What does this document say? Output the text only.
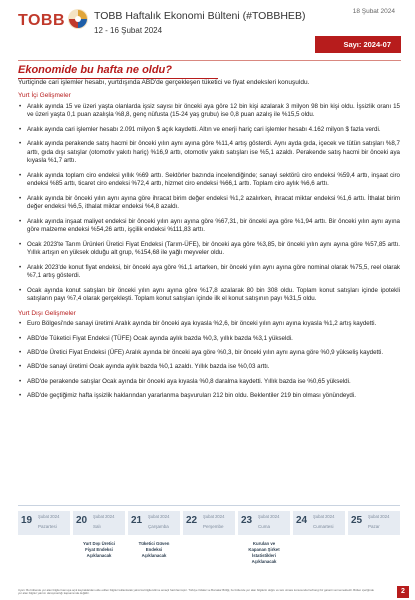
TOBB	TOBB Haftalık Ekonomi Bülteni (#TOBBHEB)
12 - 16 Şubat 2024
18 Şubat 2024
Sayı: 2024-07
Ekonomide bu hafta ne oldu?
Yurtiçinde cari işlemler hesabı, yurtdışında ABD'de gerçekleşen tüketici ve fiyat endeksleri konuşuldu.
Yurt İçi Gelişmeler
• Aralık ayında 15 ve üzeri yaşta olanlarda işsiz sayısı bir önceki aya göre 12 bin kişi azalarak 3 milyon 98 bin kişi oldu. İşsizlik oranı 15 ve üzeri yaşta 0,1 puan azalışla %8,8, genç nüfusta (15-24 yaş grubu) ise 0,8 puan azalış ile %15,5 oldu.
• Aralık ayında cari işlemler hesabı 2.091 milyon $ açık kaydetti. Altın ve enerji hariç cari işlemler hesabı 4.162 milyon $ fazla verdi.
• Aralık ayında perakende satış hacmi bir önceki yılın aynı ayına göre %11,4 artış gösterdi. Aynı ayda gıda, içecek ve tütün satışları %8,7 arttı, gıda dışı satışlar (otomotiv yakıtı hariç) %16,9 arttı, otomotiv yakıtı satışları ise %5,1 azaldı. Perakende satış hacmi bir önceki aya kıyasla %1,7 arttı.
• Aralık ayında toplam ciro endeksi yıllık %69 arttı. Sektörler bazında incelendiğinde; sanayi sektörü ciro endeksi %59,4 arttı, inşaat ciro endeksi %85 arttı, ticaret ciro endeksi %72,4 arttı, hizmet ciro endeksi %66,1 arttı. Toplam ciro aylık %6,6 arttı.
• Aralık ayında bir önceki yılın aynı ayına göre ihracat birim değer endeksi %1,2 azalırken, ihracat miktar endeksi %1,6 arttı. İthalat birim değer endeksi %6,5, ithalat miktar endeksi %4,8 azaldı.
• Aralık ayında inşaat maliyet endeksi bir önceki yılın aynı ayına göre %67,31, bir önceki aya göre %1,94 arttı. Bir önceki yılın aynı ayına göre malzeme endeksi %54,26 arttı, işçilik endeksi %111,83 arttı.
• Ocak 2023'te Tarım Ürünleri Üretici Fiyat Endeksi (Tarım-ÜFE), bir önceki aya göre %3,85, bir önceki yılın aynı ayına göre %57,85 arttı. Yıllık artışın en yüksek olduğu alt grup, %154,68 ile yağlı meyveler oldu.
• Aralık 2023'de konut fiyat endeksi, bir önceki aya göre %1,1 artarken, bir önceki yılın aynı ayına göre nominal olarak %75,5, reel olarak %7,1 artış gösterdi.
• Ocak ayında konut satışları bir önceki yılın aynı ayına göre %17,8 azalarak 80 bin 308 oldu. Toplam konut satışları içinde ipotekli satışların payı %7,4 olarak gerçekleşti. Toplam konut satışları içinde ilk el konut satışının payı %31,5 oldu.
Yurt Dışı Gelişmeler
• Euro Bölgesi'nde sanayi üretimi Aralık ayında bir önceki aya kıyasla %2,6, bir önceki yılın aynı ayına kıyasla %1,2 artış kaydetti.
• ABD'de Tüketici Fiyat Endeksi (TÜFE) Ocak ayında aylık bazda %0,3, yıllık bazda %3,1 yükseldi.
• ABD'de Üretici Fiyat Endeksi (ÜFE) Aralık ayında bir önceki aya göre %0,3, bir önceki yılın aynı ayına göre %0,9 yükseliş kaydetti.
• ABD'de sanayi üretimi Ocak ayında aylık bazda %0,1 azaldı. Yıllık bazda ise %0,03 arttı.
• ABD'de perakende satışlar Ocak ayında bir önceki aya kıyasla %0,8 daralma kaydetti. Yıllık bazda ise %0,65 yükseldi.
• ABD'de geçtiğimiz hafta işsizlik haklarından yararlanma başvuruları 212 bin oldu. Beklentiler 219 bin olması yönündeydi.
19 Şubat 2024
Pazartesi
20 Şubat 2024
Salı
21 Şubat 2024
Çarşamba
22 Şubat 2024
Perşembe
23 Şubat 2024
Cuma
24 Şubat 2024
Cumartesi
25 Şubat 2024
Pazar
Yurt Dışı Üretici
Fiyat Endeksi
Açıklanacak
Tüketici Güven
Endeksi
Açıklanacak
Kurulan ve
Kapanan Şirket
İstatistikleri
Açıklanacak
Uyarı: Bu bültende yer alan bilgiler kamuya açık kaynaklardan elde edilen bilgiler kullanılarak yalnızca bilgilendirme amaçlı hazırlanmıştır. Türkiye Odalar ve Borsalar Birliği, bu bültende yer alan bilgilerin doğru ve tam olması konusunda herhangi bir garanti vermemektedir. Bülten içeriğinde yer alan bilgiler yatırım danışmanlığı kapsamında değildir.	2
